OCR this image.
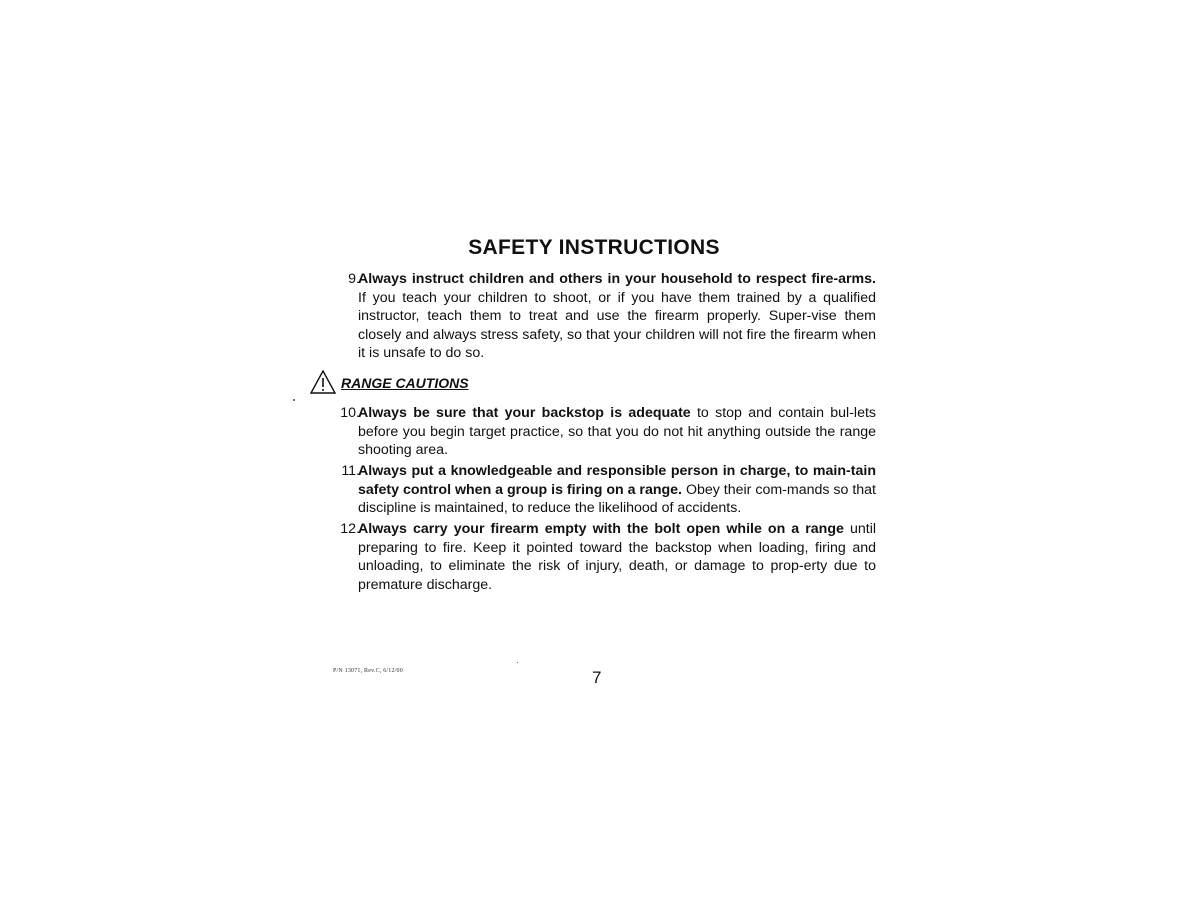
SAFETY INSTRUCTIONS
9.
Always instruct children and others in your household to respect fire-arms. If you teach your children to shoot, or if you have them trained by a qualified instructor, teach them to treat and use the firearm properly. Super-vise them closely and always stress safety, so that your children will not fire the firearm when it is unsafe to do so.
RANGE CAUTIONS
10.
Always be sure that your backstop is adequate to stop and contain bul-lets before you begin target practice, so that you do not hit anything outside the range shooting area.
11.
Always put a knowledgeable and responsible person in charge, to main-tain safety control when a group is firing on a range. Obey their com-mands so that discipline is maintained, to reduce the likelihood of accidents.
12.
Always carry your firearm empty with the bolt open while on a range until preparing to fire. Keep it pointed toward the backstop when loading, firing and unloading, to eliminate the risk of injury, death, or damage to prop-erty due to premature discharge.
P/N 13071, Rev.C, 6/12/00	7
